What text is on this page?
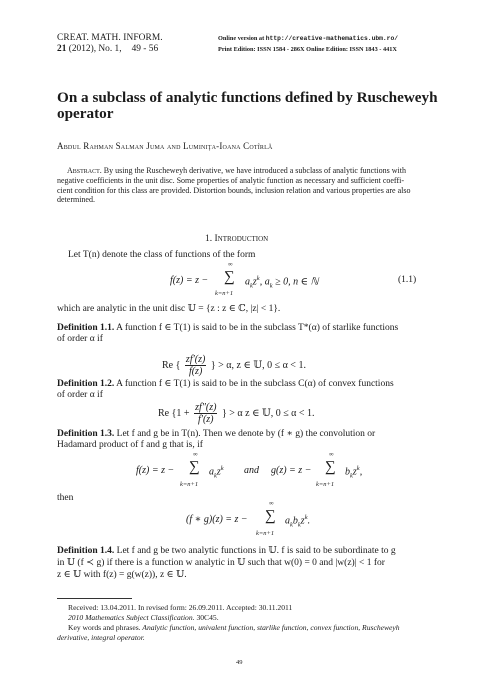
CREAT. MATH. INFORM.
21 (2012), No. 1, 49 - 56
Online version at http://creative-mathematics.ubm.ro/
Print Edition: ISSN 1584 - 286X Online Edition: ISSN 1843 - 441X
On a subclass of analytic functions defined by Ruscheweyh
operator
Abdul Rahman Salman Juma and Luminiţa-Ioana Cotîrlă
Abstract. By using the Ruscheweyh derivative, we have introduced a subclass of analytic functions with
negative coefficients in the unit disc. Some properties of analytic function as necessary and sufficient coeffi-
cient condition for this class are provided. Distortion bounds, inclusion relation and various properties are also
determined.
1. Introduction
Let T(n) denote the class of functions of the form
f(z) = z −
∞
∑
k=n+1
$a_kz^k$, $a_k \ge 0$, n ∈ ℕ	(1.1)
which are analytic in the unit disc 𝕌 = {z : z ∈ ℂ, |z| < 1}.
Definition 1.1. A function f ∈ T(1) is said to be in the subclass T*(α) of starlike functions
of order α if
Re { $\frac{zf'(z)}{f(z)}$ } > α, z ∈ 𝕌, 0 ≤ α < 1.
Definition 1.2. A function f ∈ T(1) is said to be in the subclass C(α) of convex functions
of order α if
Re {$1 + \frac{zf''(z)}{f'(z)}$ } > α z ∈ 𝕌, 0 ≤ α < 1.
Definition 1.3. Let f and g be in T(n). Then we denote by (f ∗ g) the convolution or
Hadamard product of f and g that is, if
f(z) = z −
∞
∑
k=n+1
$a_kz^k$ and g(z) = z −
∞
∑
k=n+1
$b_kz^k$,
then
(f ∗ g)(z) = z −
∞
∑
k=n+1
$a_kb_kz^k$.
Definition 1.4. Let f and g be two analytic functions in 𝕌. f is said to be subordinate to g
in 𝕌 (f ≺ g) if there is a function w analytic in 𝕌 such that w(0) = 0 and |w(z)| < 1 for
z ∈ 𝕌 with f(z) = g(w(z)), z ∈ 𝕌.
Received: 13.04.2011. In revised form: 26.09.2011. Accepted: 30.11.2011
2010 Mathematics Subject Classification. 30C45.
Key words and phrases. Analytic function, univalent function, starlike function, convex function, Ruscheweyh
derivative, integral operator.
49
